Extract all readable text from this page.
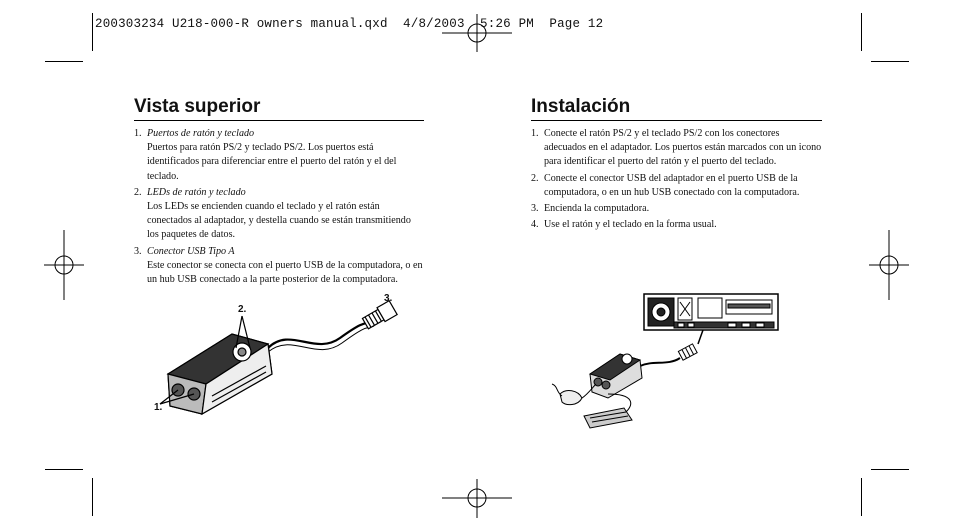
200303234 U218-000-R owners manual.qxd  4/8/2003  5:26 PM  Page 12
Vista superior
1. Puertos de ratón y teclado
Puertos para ratón PS/2 y teclado PS/2. Los puertos está identificados para diferenciar entre el puerto del ratón y el del teclado.
2. LEDs de ratón y teclado
Los LEDs se encienden cuando el teclado y el ratón están conectados al adaptador, y destella cuando se están transmitiendo los paquetes de datos.
3. Conector USB Tipo A
Este conector se conecta con el puerto USB de la computadora, o en un hub USB conectado a la parte posterior de la computadora.
1.
2.
3.
Instalación
1. Conecte el ratón PS/2 y el teclado PS/2 con los conectores adecuados en el adaptador. Los puertos están marcados con un icono para identificar el puerto del ratón y el puerto del teclado.
2. Conecte el conector USB del adaptador en el puerto USB de la computadora, o en un hub USB conectado con la computadora.
3. Encienda la computadora.
4. Use el ratón y el teclado en la forma usual.
